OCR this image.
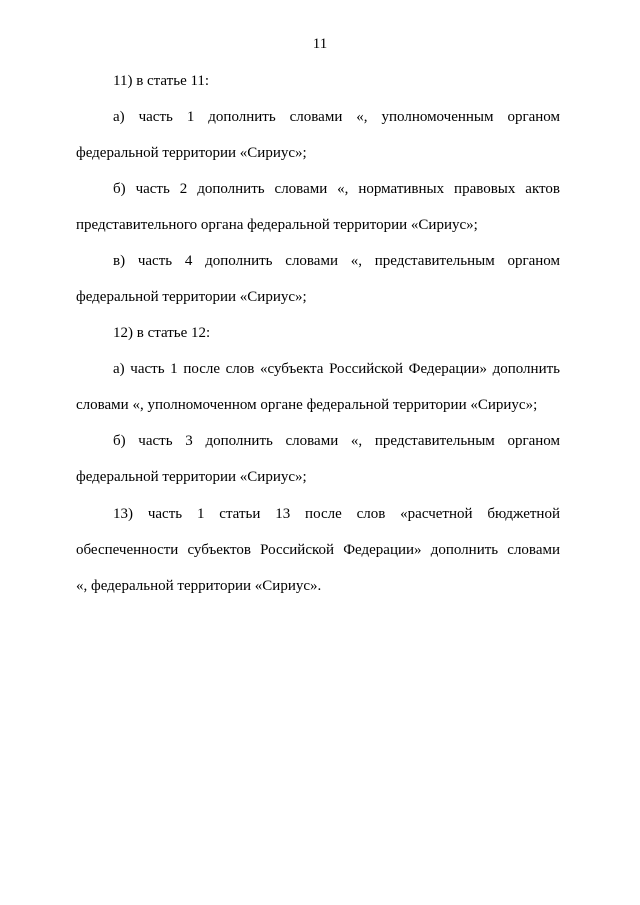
11
11) в статье 11:
а) часть 1 дополнить словами «, уполномоченным органом
федеральной территории «Сириус»;
б) часть 2 дополнить словами «, нормативных правовых актов
представительного органа федеральной территории «Сириус»;
в) часть 4 дополнить словами «, представительным органом
федеральной территории «Сириус»;
12) в статье 12:
а) часть 1 после слов «субъекта Российской Федерации» дополнить
словами «, уполномоченном органе федеральной территории «Сириус»;
б) часть 3 дополнить словами «, представительным органом
федеральной территории «Сириус»;
13) часть 1 статьи 13 после слов «расчетной бюджетной
обеспеченности субъектов Российской Федерации» дополнить словами
«, федеральной территории «Сириус».
